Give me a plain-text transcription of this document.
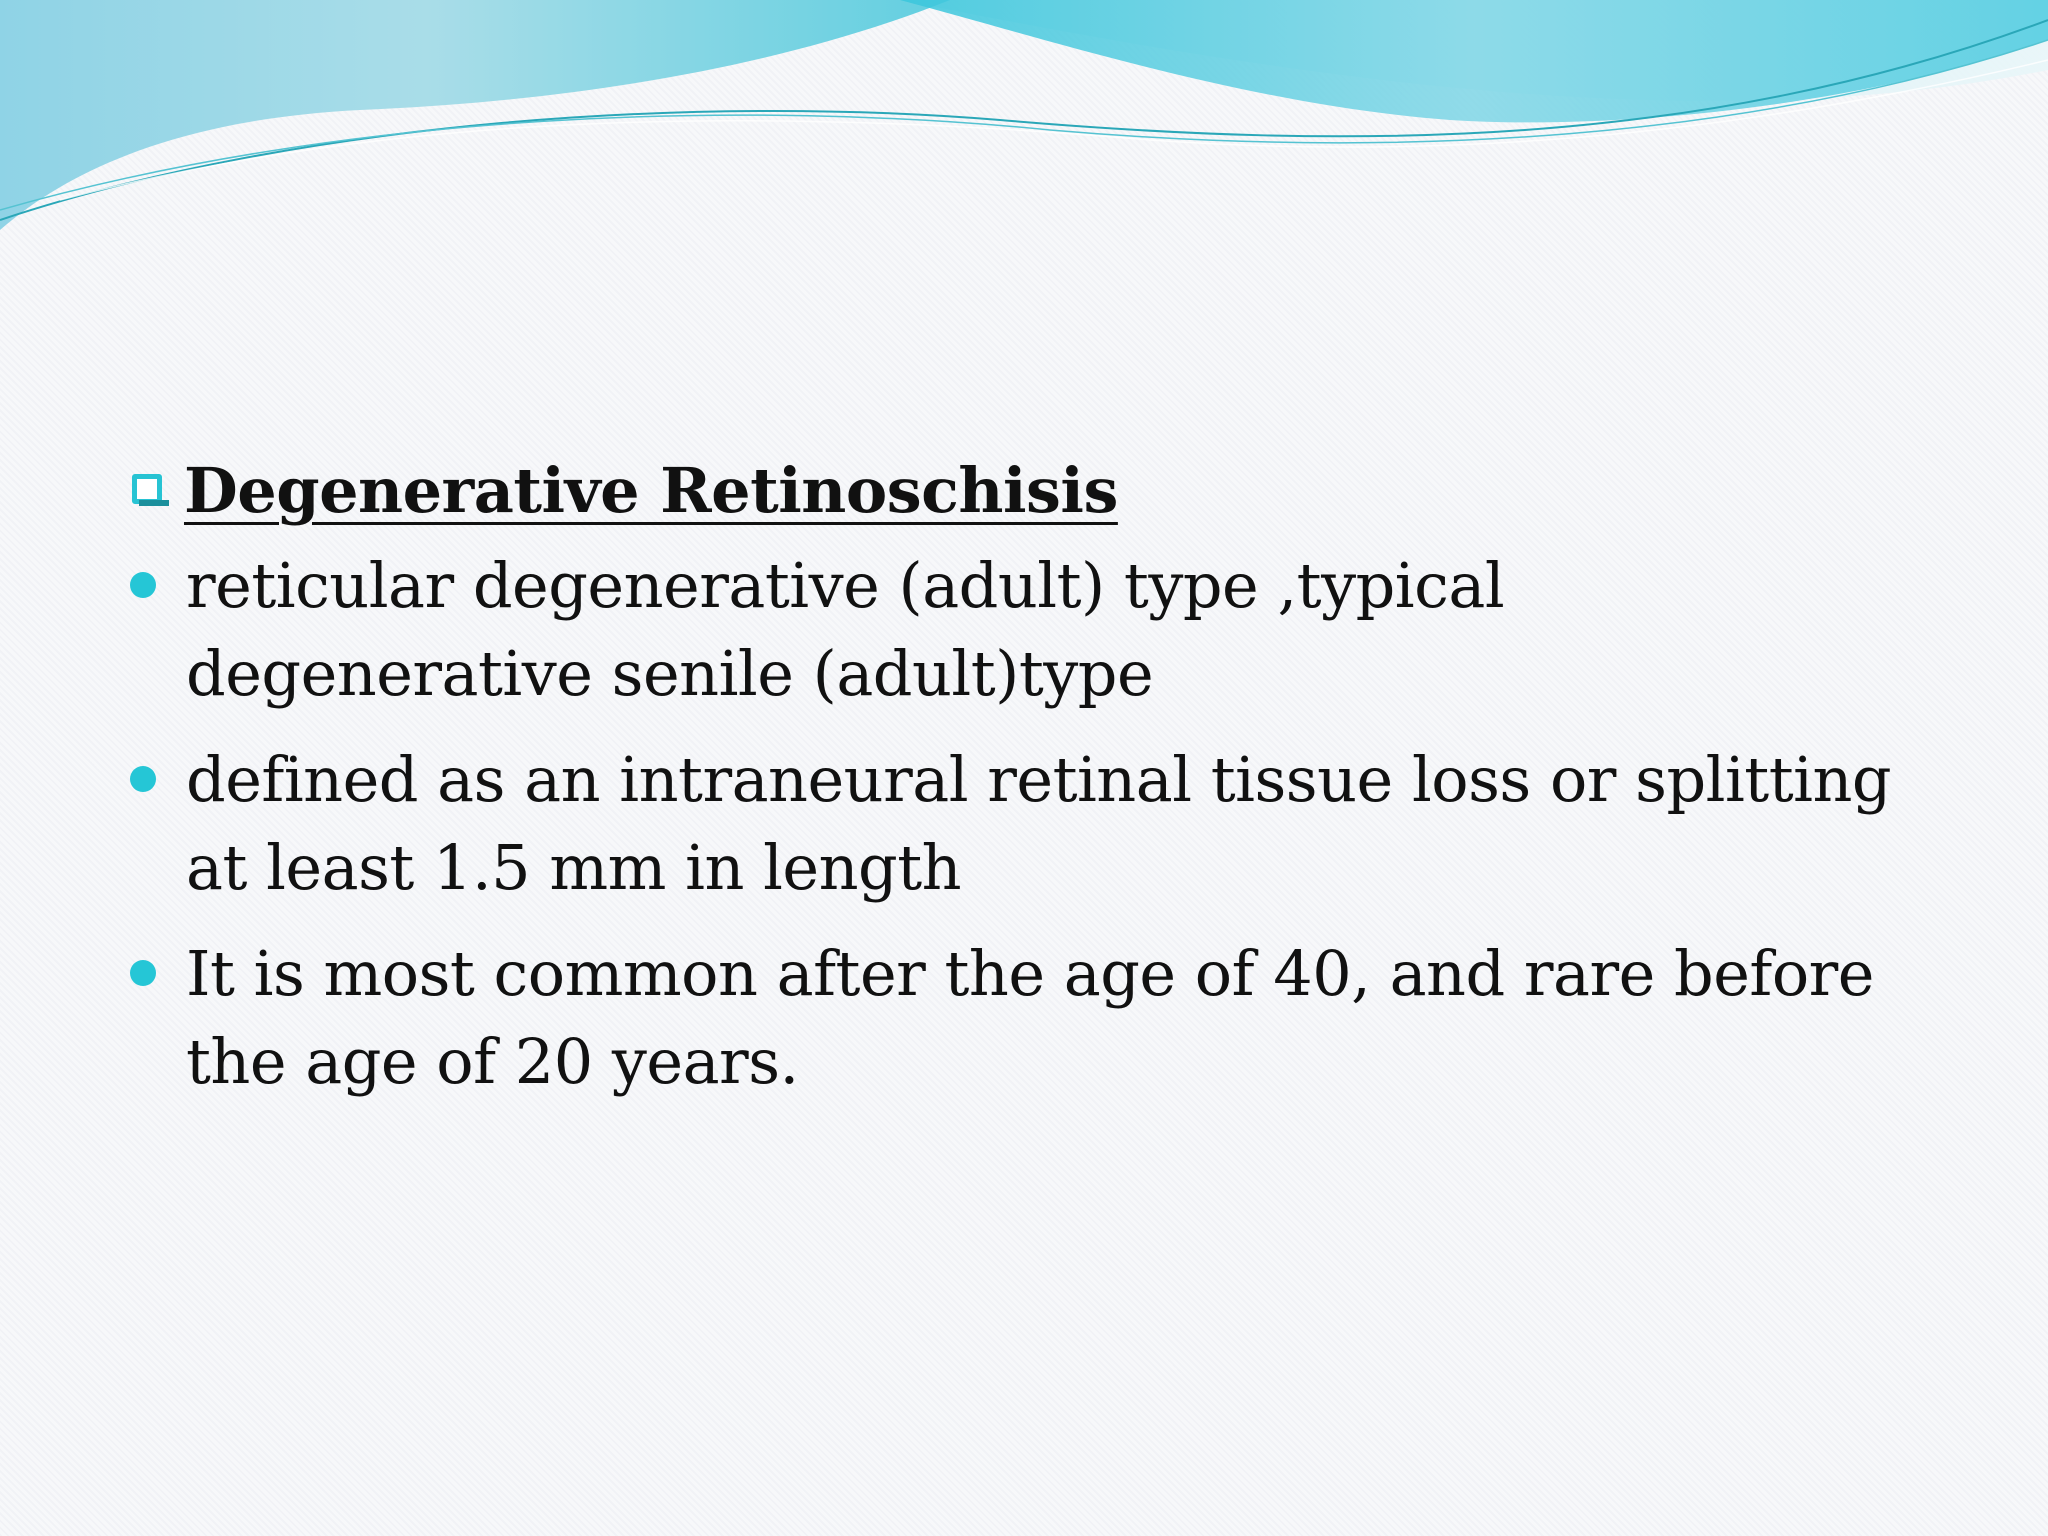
Degenerative Retinoschisis
reticular degenerative (adult) type ,typical
degenerative senile (adult)type
defined as an intraneural retinal tissue loss or splitting
at least 1.5 mm in length
It is most common after the age of 40, and rare before
the age of 20 years.
